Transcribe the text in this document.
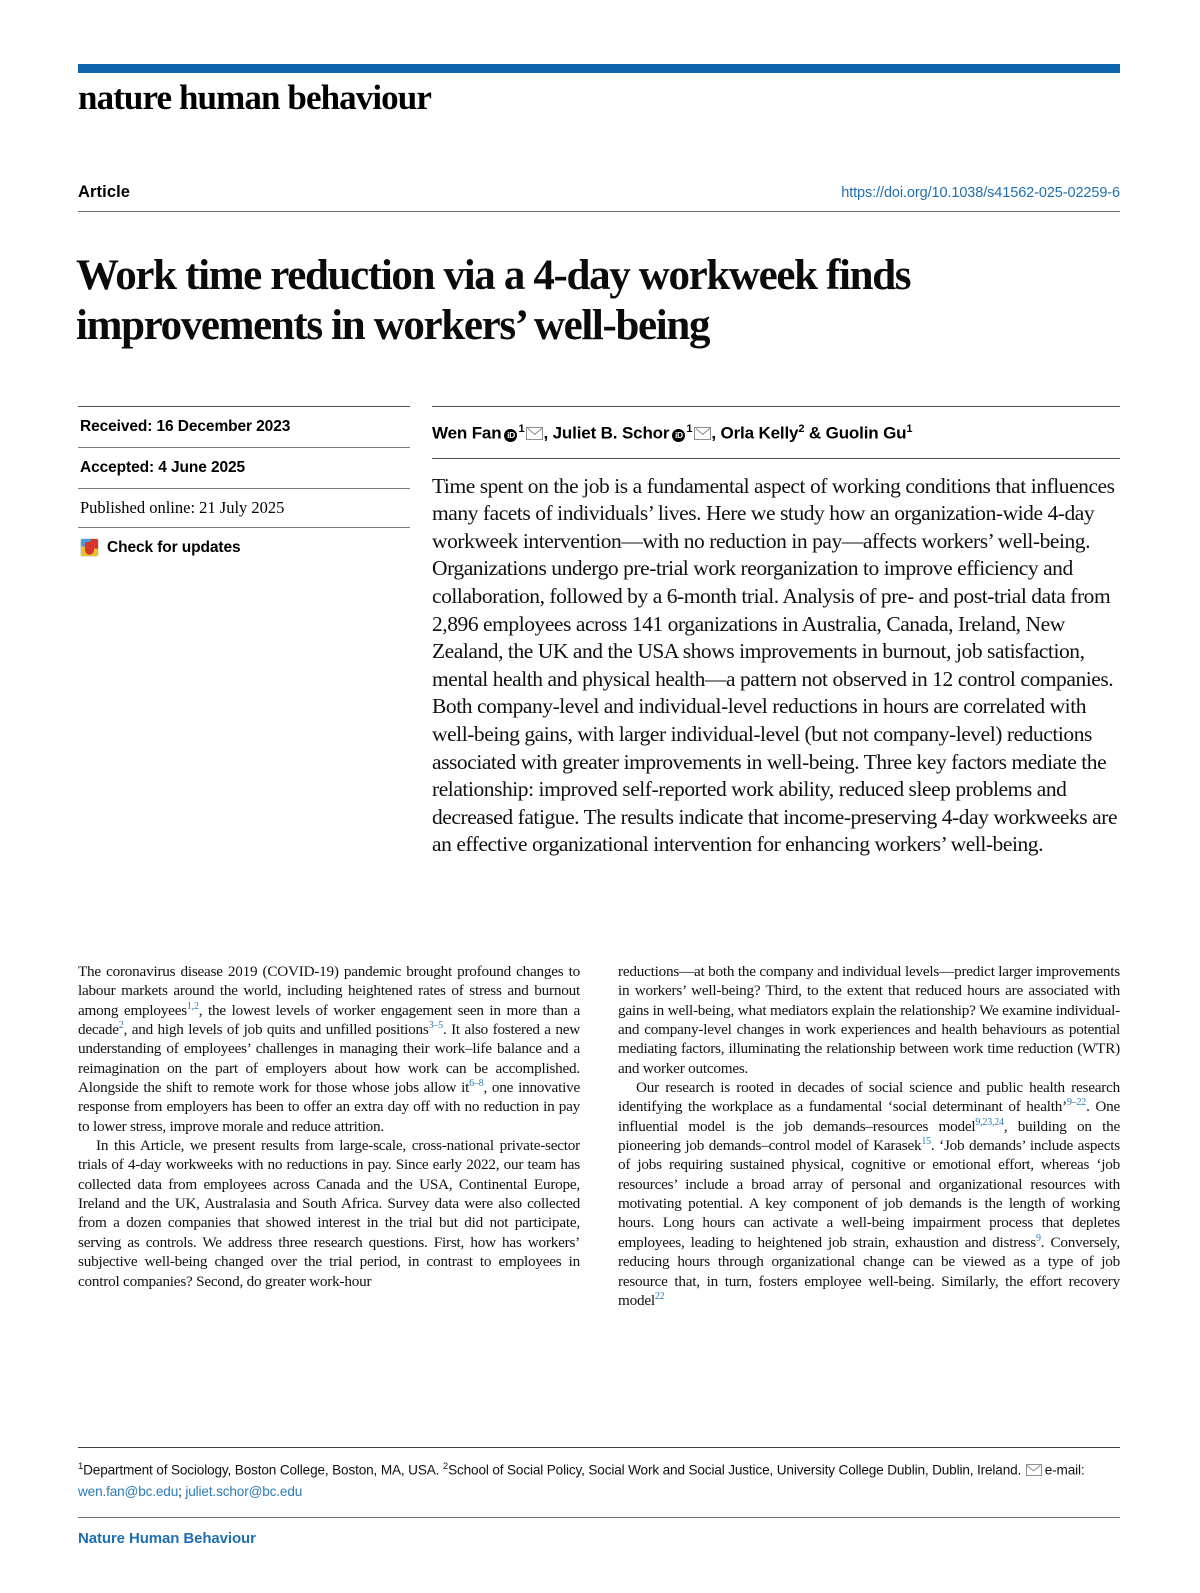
nature human behaviour
Article	https://doi.org/10.1038/s41562-025-02259-6
Work time reduction via a 4-day workweek finds improvements in workers’ well-being
Received: 16 December 2023
Accepted: 4 June 2025
Published online: 21 July 2025
Check for updates
Wen Fan iD $^1$ , Juliet B. Schor iD $^1$ , Orla Kelly$^2$ & Guolin Gu$^1$
Time spent on the job is a fundamental aspect of working conditions that influences many facets of individuals’ lives. Here we study how an organization-wide 4-day workweek intervention—with no reduction in pay—affects workers’ well-being. Organizations undergo pre-trial work reorganization to improve efficiency and collaboration, followed by a 6-month trial. Analysis of pre- and post-trial data from 2,896 employees across 141 organizations in Australia, Canada, Ireland, New Zealand, the UK and the USA shows improvements in burnout, job satisfaction, mental health and physical health—a pattern not observed in 12 control companies. Both company-level and individual-level reductions in hours are correlated with well-being gains, with larger individual-level (but not company-level) reductions associated with greater improvements in well-being. Three key factors mediate the relationship: improved self-reported work ability, reduced sleep problems and decreased fatigue. The results indicate that income-preserving 4-day workweeks are an effective organizational intervention for enhancing workers’ well-being.

The coronavirus disease 2019 (COVID-19) pandemic brought profound changes to labour markets around the world, including heightened rates of stress and burnout among employees$^{1,2}$, the lowest levels of worker engagement seen in more than a decade$^2$, and high levels of job quits and unfilled positions$^{3-5}$. It also fostered a new understanding of employees’ challenges in managing their work–life balance and a reimagination on the part of employers about how work can be accomplished. Alongside the shift to remote work for those whose jobs allow it$^{6-8}$, one innovative response from employers has been to offer an extra day off with no reduction in pay to lower stress, improve morale and reduce attrition.

In this Article, we present results from large-scale, cross-national private-sector trials of 4-day workweeks with no reductions in pay. Since early 2022, our team has collected data from employees across Canada and the USA, Continental Europe, Ireland and the UK, Australasia and South Africa. Survey data were also collected from a dozen companies that showed interest in the trial but did not participate, serving as controls. We address three research questions. First, how has workers’ subjective well-being changed over the trial period, in contrast to employees in control companies? Second, do greater work-hour

reductions—at both the company and individual levels—predict larger improvements in workers’ well-being? Third, to the extent that reduced hours are associated with gains in well-being, what mediators explain the relationship? We examine individual- and company-level changes in work experiences and health behaviours as potential mediating factors, illuminating the relationship between work time reduction (WTR) and worker outcomes.

Our research is rooted in decades of social science and public health research identifying the workplace as a fundamental ‘social determinant of health’$^{9-22}$. One influential model is the job demands–resources model$^{9,23,24}$, building on the pioneering job demands–control model of Karasek$^{15}$. ‘Job demands’ include aspects of jobs requiring sustained physical, cognitive or emotional effort, whereas ‘job resources’ include a broad array of personal and organizational resources with motivating potential. A key component of job demands is the length of working hours. Long hours can activate a well-being impairment process that depletes employees, leading to heightened job strain, exhaustion and distress$^9$. Conversely, reducing hours through organizational change can be viewed as a type of job resource that, in turn, fosters employee well-being. Similarly, the effort recovery model$^{22}$

$^1$Department of Sociology, Boston College, Boston, MA, USA. $^2$School of Social Policy, Social Work and Social Justice, University College Dublin, Dublin, Ireland. e-mail: wen.fan@bc.edu; juliet.schor@bc.edu
Nature Human Behaviour
